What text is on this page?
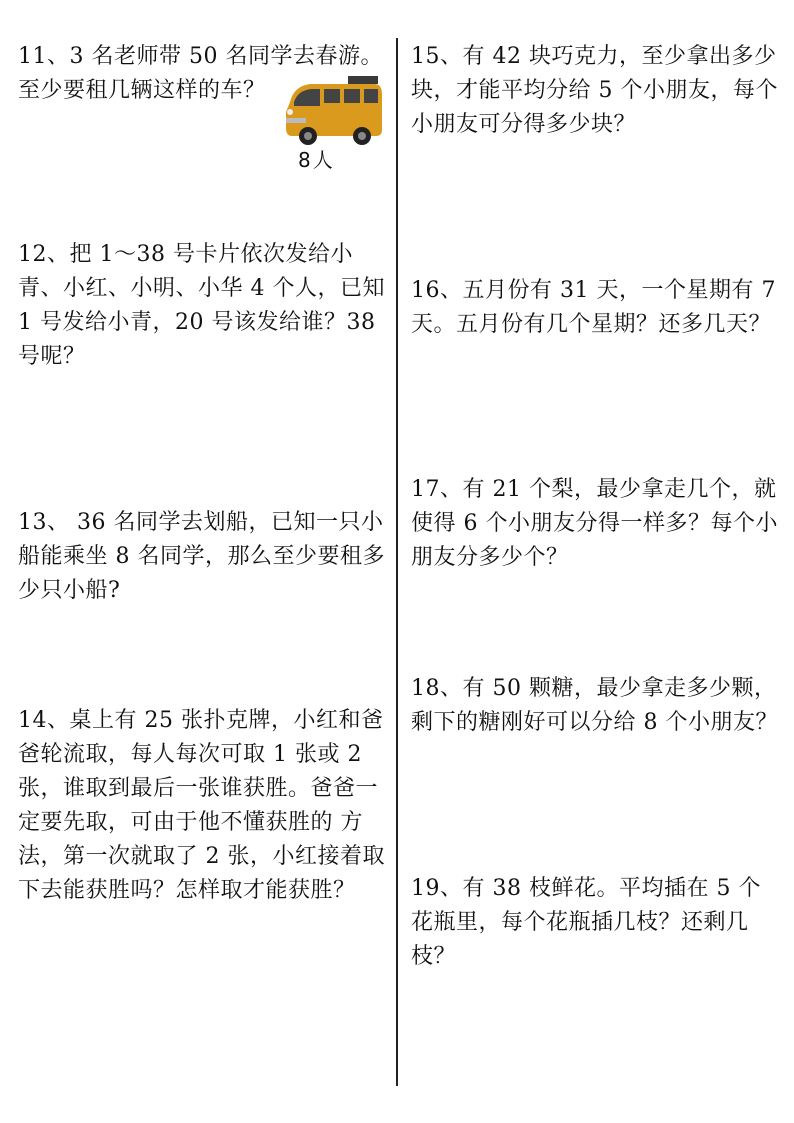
11、3 名老师带 50 名同学去春游。至少要租几辆这样的车？

8人

12、把 1～38 号卡片依次发给小青、小红、小明、小华 4 个人，已知 1 号发给小青，20 号该发给谁？38 号呢？

13、 36 名同学去划船，已知一只小船能乘坐 8 名同学，那么至少要租多少只小船?

14、桌上有 25 张扑克牌，小红和爸爸轮流取，每人每次可取 1 张或 2 张，谁取到最后一张谁获胜。爸爸一定要先取，可由于他不懂获胜的 方法，第一次就取了 2 张，小红接着取下去能获胜吗？怎样取才能获胜？

15、有 42 块巧克力，至少拿出多少块，才能平均分给 5 个小朋友，每个小朋友可分得多少块？

16、五月份有 31 天，一个星期有 7 天。五月份有几个星期？还多几天？

17、有 21 个梨，最少拿走几个，就使得 6 个小朋友分得一样多？每个小朋友分多少个？

18、有 50 颗糖，最少拿走多少颗，剩下的糖刚好可以分给 8 个小朋友？

19、有 38 枝鲜花。平均插在 5 个花瓶里，每个花瓶插几枝？还剩几枝？
